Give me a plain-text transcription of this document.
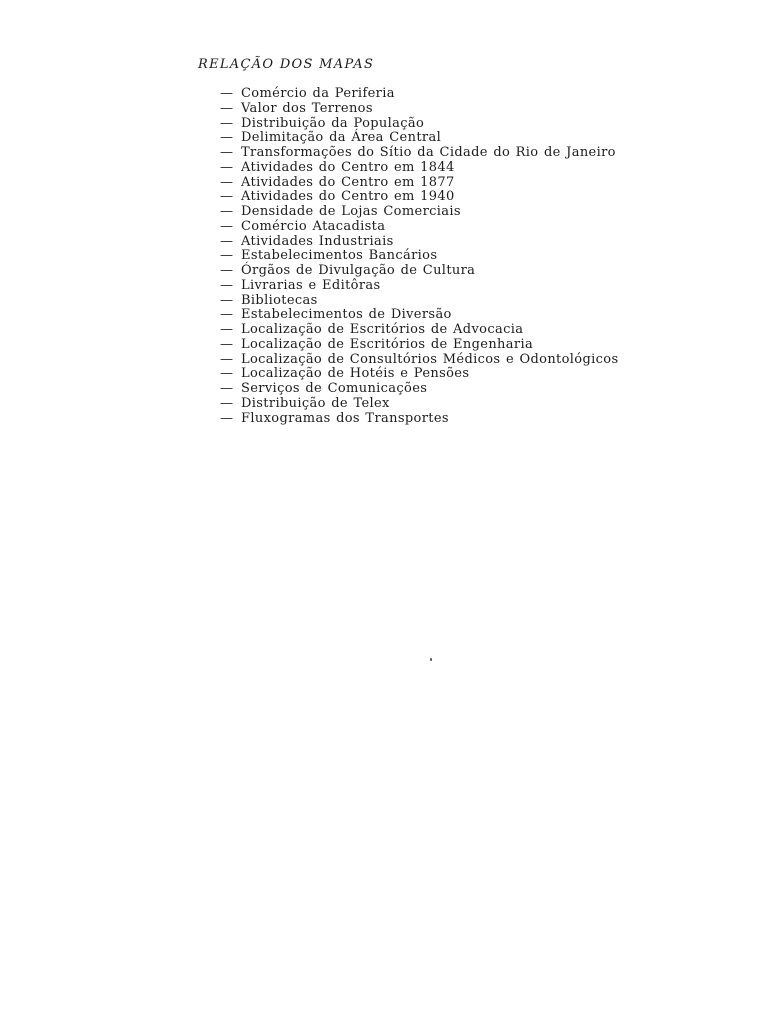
RELAÇÃO DOS MAPAS
— Comércio da Periferia
— Valor dos Terrenos
— Distribuição da População
— Delimitação da Área Central
— Transformações do Sítio da Cidade do Rio de Janeiro
— Atividades do Centro em 1844
— Atividades do Centro em 1877
— Atividades do Centro em 1940
— Densidade de Lojas Comerciais
— Comércio Atacadista
— Atividades Industriais
— Estabelecimentos Bancários
— Órgãos de Divulgação de Cultura
— Livrarias e Editôras
— Bibliotecas
— Estabelecimentos de Diversão
— Localização de Escritórios de Advocacia
— Localização de Escritórios de Engenharia
— Localização de Consultórios Médicos e Odontológicos
— Localização de Hotéis e Pensões
— Serviços de Comunicações
— Distribuição de Telex
— Fluxogramas dos Transportes
